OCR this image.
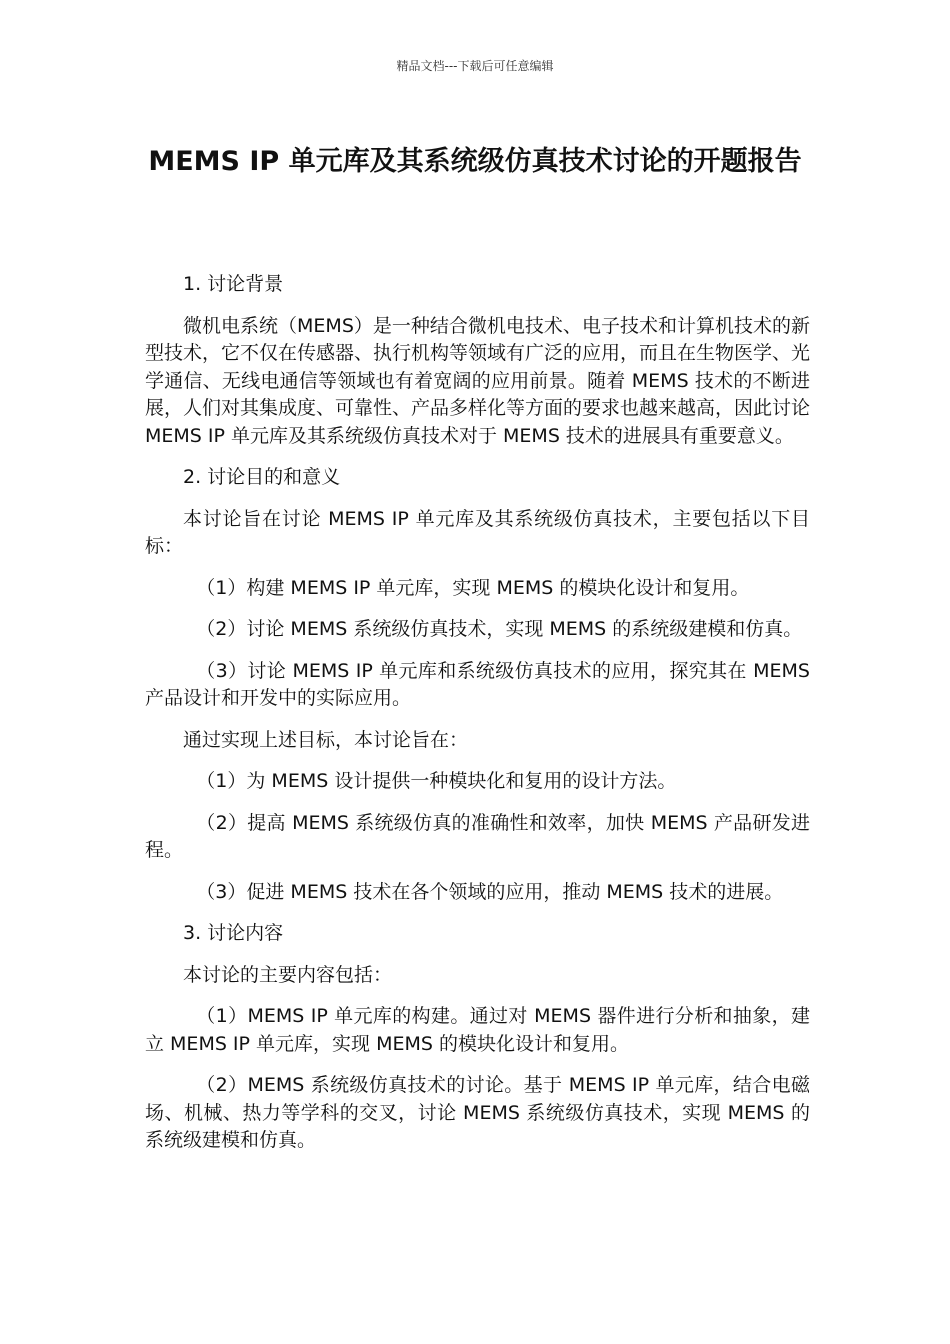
精品文档---下载后可任意编辑
MEMS IP 单元库及其系统级仿真技术讨论的开题报告

1. 讨论背景

微机电系统（MEMS）是一种结合微机电技术、电子技术和计算机技术的新型技术，它不仅在传感器、执行机构等领域有广泛的应用，而且在生物医学、光学通信、无线电通信等领域也有着宽阔的应用前景。随着 MEMS 技术的不断进展，人们对其集成度、可靠性、产品多样化等方面的要求也越来越高，因此讨论 MEMS IP 单元库及其系统级仿真技术对于 MEMS 技术的进展具有重要意义。

2. 讨论目的和意义

本讨论旨在讨论 MEMS IP 单元库及其系统级仿真技术，主要包括以下目标：

（1）构建 MEMS IP 单元库，实现 MEMS 的模块化设计和复用。

（2）讨论 MEMS 系统级仿真技术，实现 MEMS 的系统级建模和仿真。

（3）讨论 MEMS IP 单元库和系统级仿真技术的应用，探究其在 MEMS 产品设计和开发中的实际应用。

通过实现上述目标，本讨论旨在：

（1）为 MEMS 设计提供一种模块化和复用的设计方法。

（2）提高 MEMS 系统级仿真的准确性和效率，加快 MEMS 产品研发进程。

（3）促进 MEMS 技术在各个领域的应用，推动 MEMS 技术的进展。

3. 讨论内容

本讨论的主要内容包括：

（1）MEMS IP 单元库的构建。通过对 MEMS 器件进行分析和抽象，建立 MEMS IP 单元库，实现 MEMS 的模块化设计和复用。

（2）MEMS 系统级仿真技术的讨论。基于 MEMS IP 单元库，结合电磁场、机械、热力等学科的交叉，讨论 MEMS 系统级仿真技术，实现 MEMS 的系统级建模和仿真。
